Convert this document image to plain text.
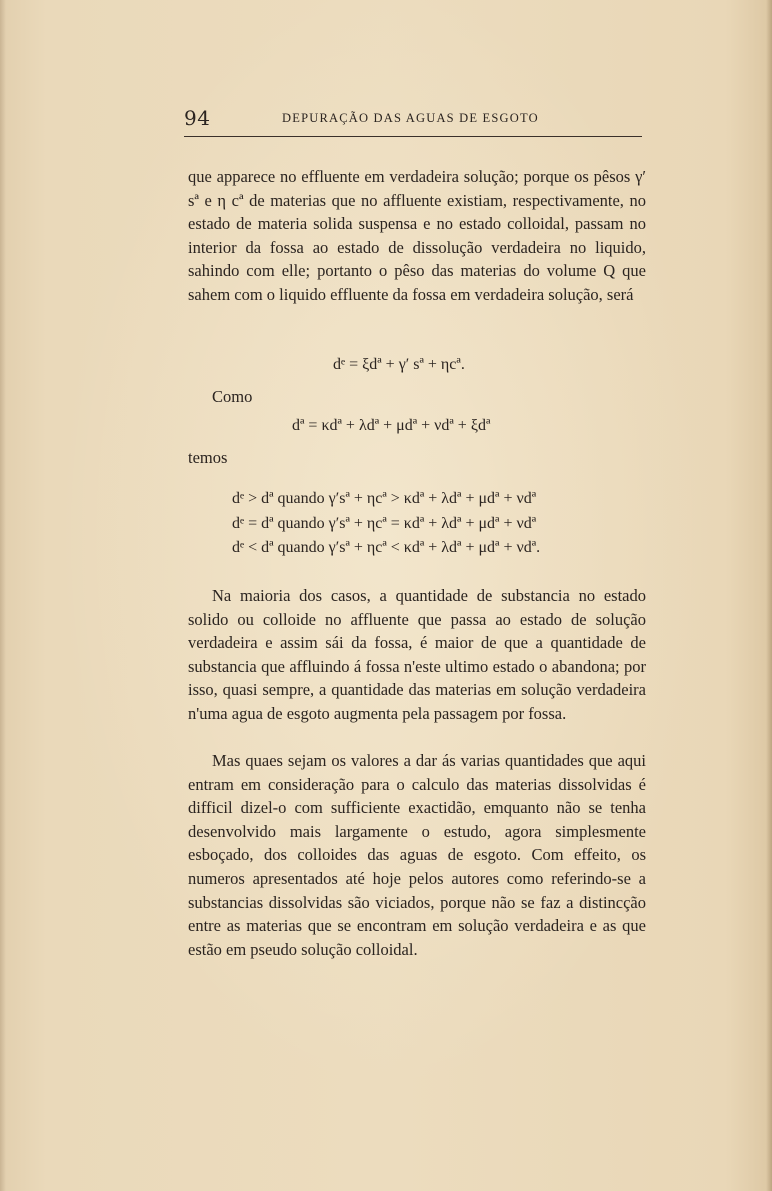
94	DEPURAÇÃO DAS AGUAS DE ESGOTO

que apparece no effluente em verdadeira solução; porque os pêsos γ′ sª e η cª de materias que no affluente existiam, respectivamente, no estado de materia solida suspensa e no estado colloidal, passam no interior da fossa ao estado de dissolução verdadeira no liquido, sahindo com elle; portanto o pêso das materias do volume Q que sahem com o liquido effluente da fossa em verdadeira solução, será

dᵉ = ξdª + γ′ sª + ηcª.
Como
dª = κdª + λdª + μdª + νdª + ξdª
temos
dᵉ > dª quando γ′sª + ηcª > κdª + λdª + μdª + νdª
dᵉ = dª quando γ′sª + ηcª = κdª + λdª + μdª + νdª
dᵉ < dª quando γ′sª + ηcª < κdª + λdª + μdª + νdª.

Na maioria dos casos, a quantidade de substancia no estado solido ou colloide no affluente que passa ao estado de solução verdadeira e assim sái da fossa, é maior de que a quantidade de substancia que affluindo á fossa n'este ultimo estado o abandona; por isso, quasi sempre, a quantidade das materias em solução verdadeira n'uma agua de esgoto augmenta pela passagem por fossa.

Mas quaes sejam os valores a dar ás varias quantidades que aqui entram em consideração para o calculo das materias dissolvidas é difficil dizel-o com sufficiente exactidão, emquanto não se tenha desenvolvido mais largamente o estudo, agora simplesmente esboçado, dos colloides das aguas de esgoto. Com effeito, os numeros apresentados até hoje pelos autores como referindo-se a substancias dissolvidas são viciados, porque não se faz a distincção entre as materias que se encontram em solução verdadeira e as que estão em pseudo solução colloidal.
